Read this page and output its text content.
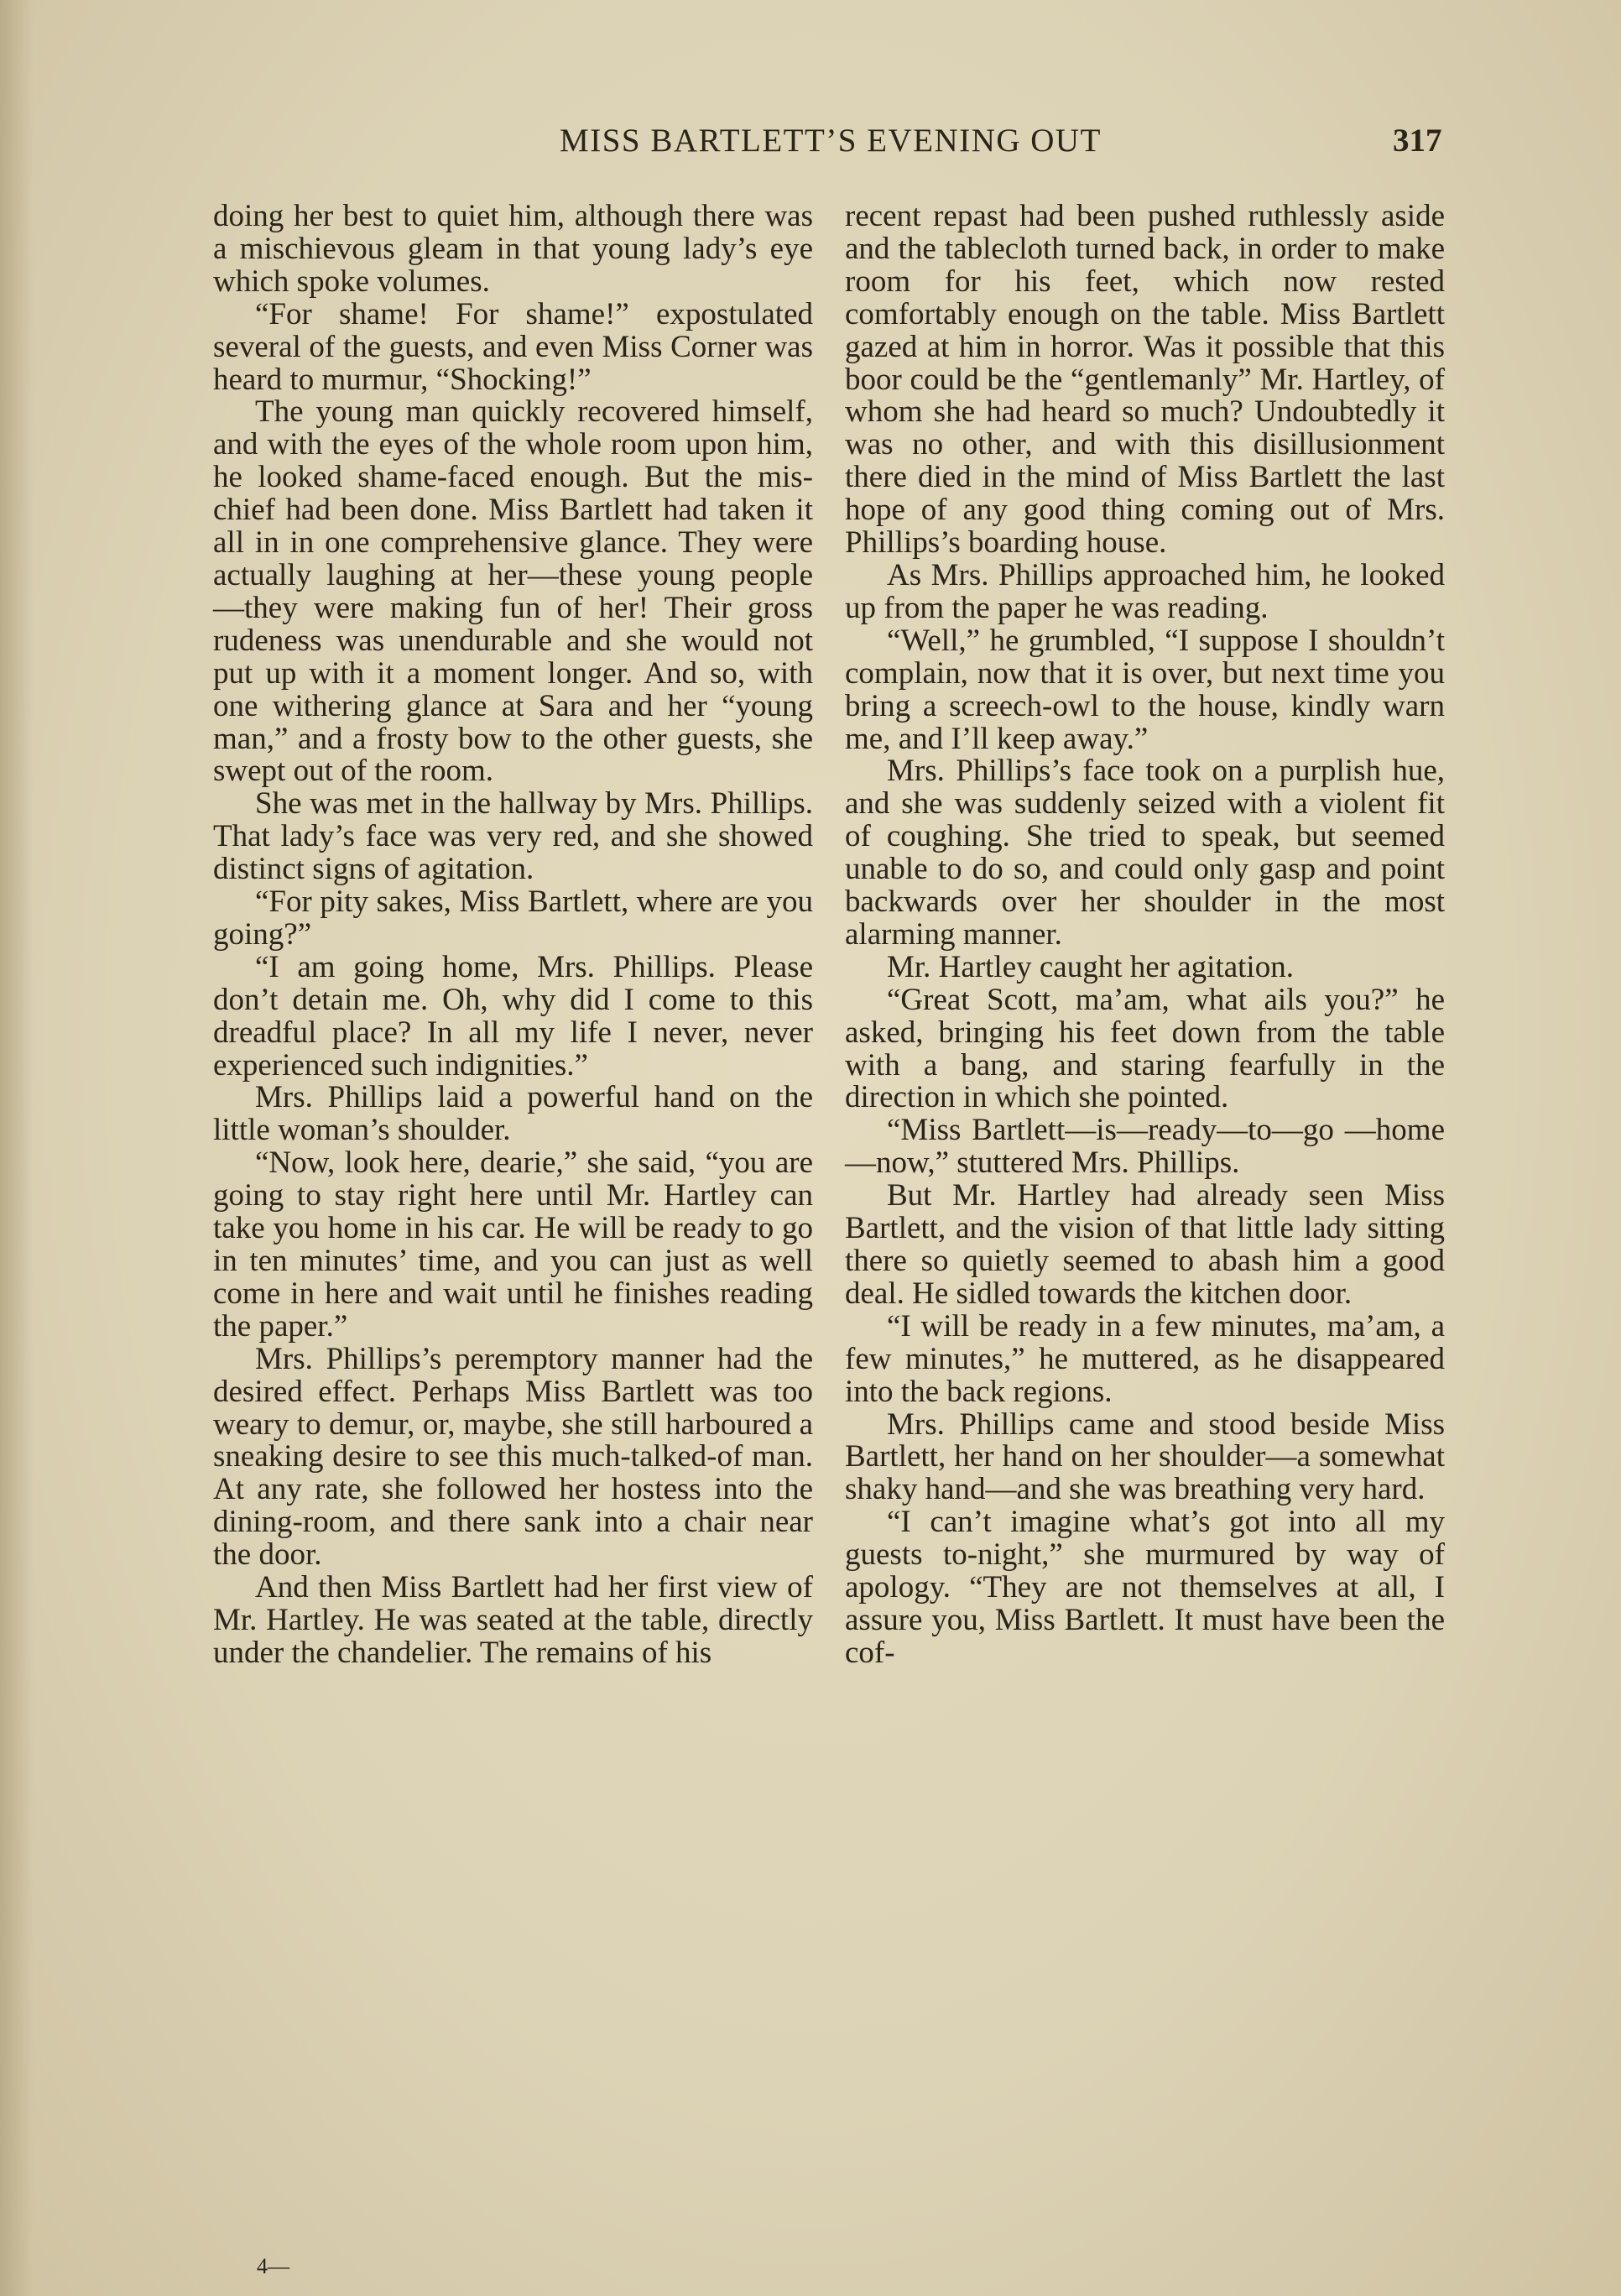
MISS BARTLETT’S EVENING OUT	317

doing her best to quiet him, although there was a mischievous gleam in that young lady’s eye which spoke volumes.

“For shame! For shame!” expostulated several of the guests, and even Miss Corner was heard to murmur, “Shocking!”

The young man quickly recovered himself, and with the eyes of the whole room upon him, he looked shame-faced enough. But the mischief had been done. Miss Bartlett had taken it all in in one comprehensive glance. They were actually laughing at her—these young people —they were making fun of her! Their gross rudeness was unendurable and she would not put up with it a moment longer. And so, with one withering glance at Sara and her “young man,” and a frosty bow to the other guests, she swept out of the room.

She was met in the hallway by Mrs. Phillips. That lady’s face was very red, and she showed distinct signs of agitation.

“For pity sakes, Miss Bartlett, where are you going?”

“I am going home, Mrs. Phillips. Please don’t detain me. Oh, why did I come to this dreadful place? In all my life I never, never experienced such indignities.”

Mrs. Phillips laid a powerful hand on the little woman’s shoulder.

“Now, look here, dearie,” she said, “you are going to stay right here until Mr. Hartley can take you home in his car. He will be ready to go in ten minutes’ time, and you can just as well come in here and wait until he finishes reading the paper.”

Mrs. Phillips’s peremptory manner had the desired effect. Perhaps Miss Bartlett was too weary to demur, or, maybe, she still harboured a sneaking desire to see this much-talked-of man. At any rate, she followed her hostess into the dining-room, and there sank into a chair near the door.

And then Miss Bartlett had her first view of Mr. Hartley. He was seated at the table, directly under the chandelier. The remains of his

recent repast had been pushed ruthlessly aside and the tablecloth turned back, in order to make room for his feet, which now rested comfortably enough on the table. Miss Bartlett gazed at him in horror. Was it possible that this boor could be the “gentlemanly” Mr. Hartley, of whom she had heard so much? Undoubtedly it was no other, and with this disillusionment there died in the mind of Miss Bartlett the last hope of any good thing coming out of Mrs. Phillips’s boarding house.

As Mrs. Phillips approached him, he looked up from the paper he was reading.

“Well,” he grumbled, “I suppose I shouldn’t complain, now that it is over, but next time you bring a screech-owl to the house, kindly warn me, and I’ll keep away.”

Mrs. Phillips’s face took on a purplish hue, and she was suddenly seized with a violent fit of coughing. She tried to speak, but seemed unable to do so, and could only gasp and point backwards over her shoulder in the most alarming manner.

Mr. Hartley caught her agitation.

“Great Scott, ma’am, what ails you?” he asked, bringing his feet down from the table with a bang, and staring fearfully in the direction in which she pointed.

“Miss Bartlett—is—ready—to—go —home—now,” stuttered Mrs. Phillips.

But Mr. Hartley had already seen Miss Bartlett, and the vision of that little lady sitting there so quietly seemed to abash him a good deal. He sidled towards the kitchen door.

“I will be ready in a few minutes, ma’am, a few minutes,” he muttered, as he disappeared into the back regions.

Mrs. Phillips came and stood beside Miss Bartlett, her hand on her shoulder—a somewhat shaky hand—and she was breathing very hard.

“I can’t imagine what’s got into all my guests to-night,” she murmured by way of apology. “They are not themselves at all, I assure you, Miss Bartlett. It must have been the cof-

4—
